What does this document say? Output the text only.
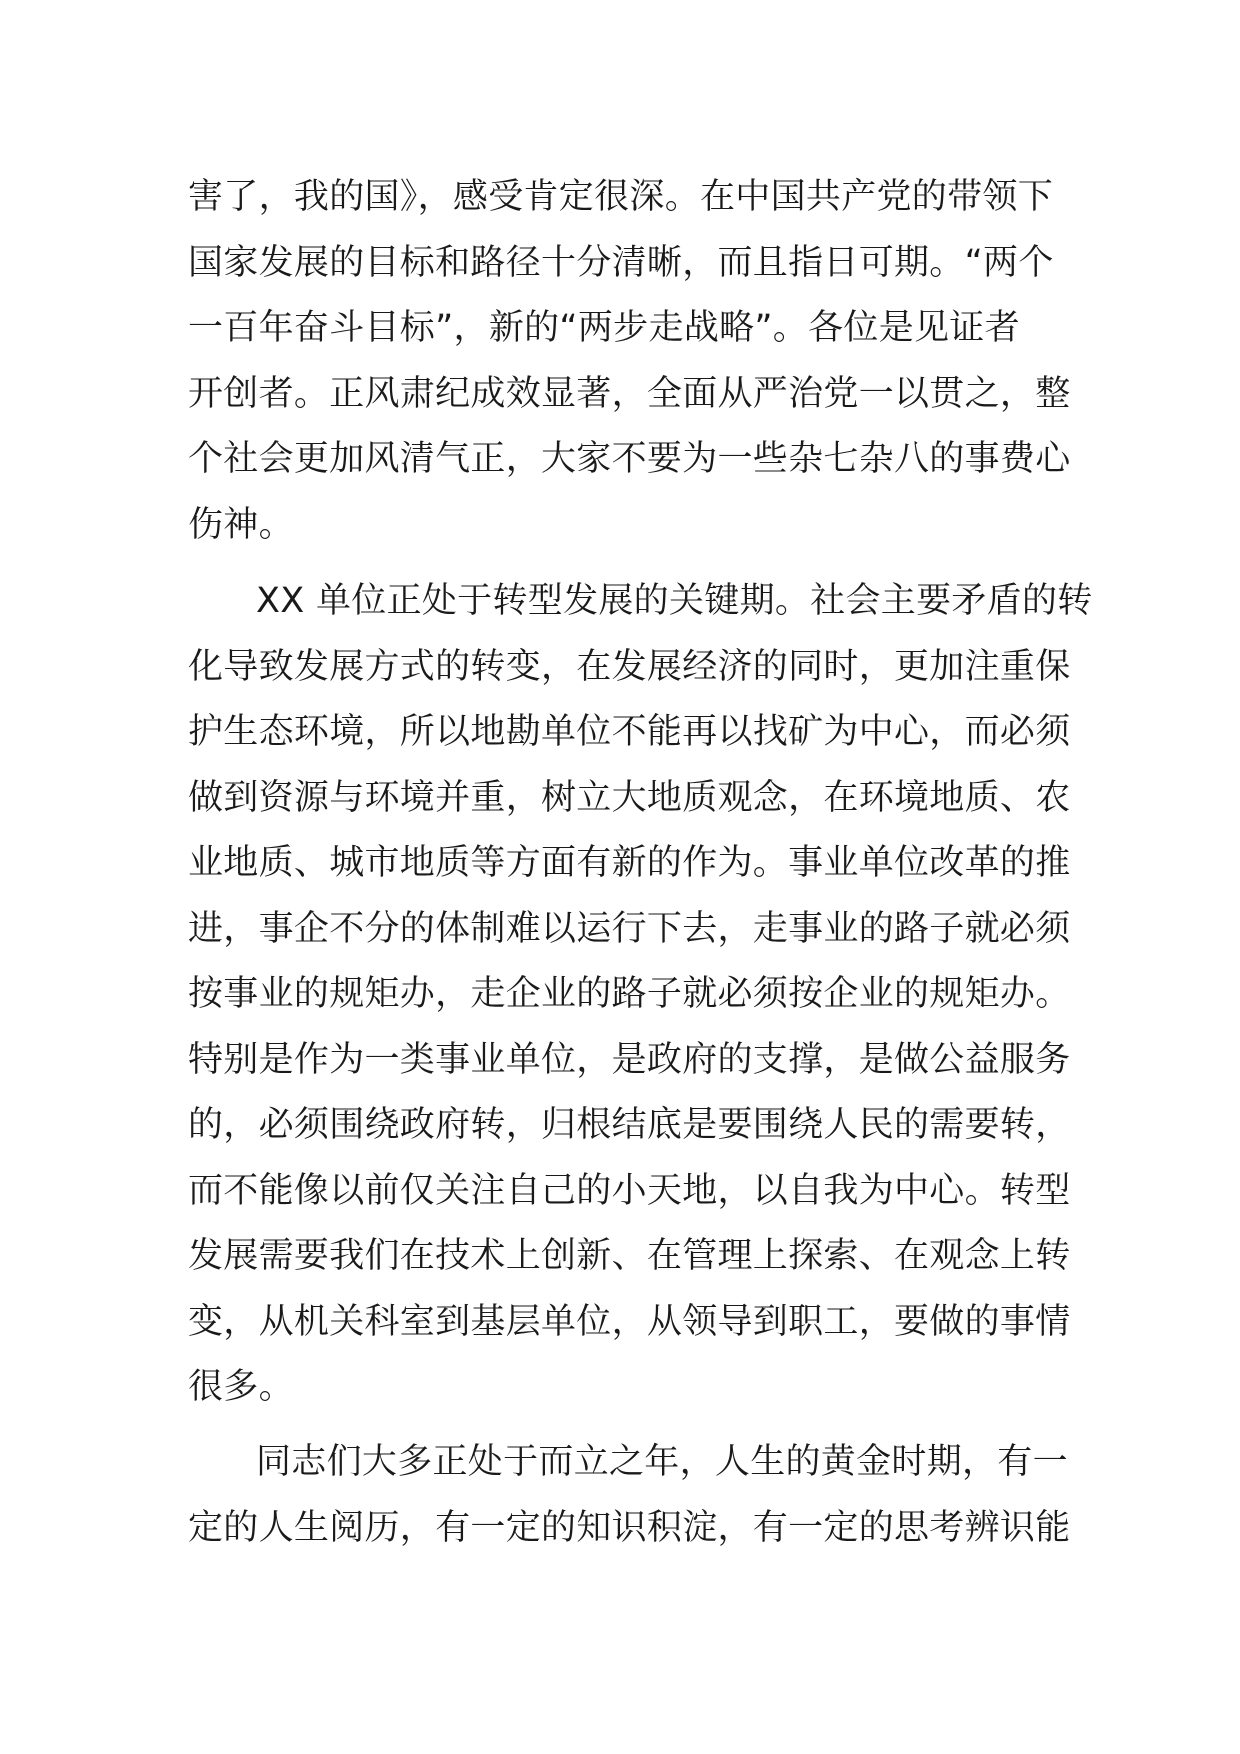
害了，我的国》，感受肯定很深。在中国共产党的带领下
国家发展的目标和路径十分清晰，而且指日可期。“两个
一百年奋斗目标”，新的“两步走战略”。各位是见证者
开创者。正风肃纪成效显著，全面从严治党一以贯之，整
个社会更加风清气正，大家不要为一些杂七杂八的事费心
伤神。
XX 单位正处于转型发展的关键期。社会主要矛盾的转
化导致发展方式的转变，在发展经济的同时，更加注重保
护生态环境，所以地勘单位不能再以找矿为中心，而必须
做到资源与环境并重，树立大地质观念，在环境地质、农
业地质、城市地质等方面有新的作为。事业单位改革的推
进，事企不分的体制难以运行下去，走事业的路子就必须
按事业的规矩办，走企业的路子就必须按企业的规矩办。
特别是作为一类事业单位，是政府的支撑，是做公益服务
的，必须围绕政府转，归根结底是要围绕人民的需要转，
而不能像以前仅关注自己的小天地，以自我为中心。转型
发展需要我们在技术上创新、在管理上探索、在观念上转
变，从机关科室到基层单位，从领导到职工，要做的事情
很多。
同志们大多正处于而立之年，人生的黄金时期，有一
定的人生阅历，有一定的知识积淀，有一定的思考辨识能
